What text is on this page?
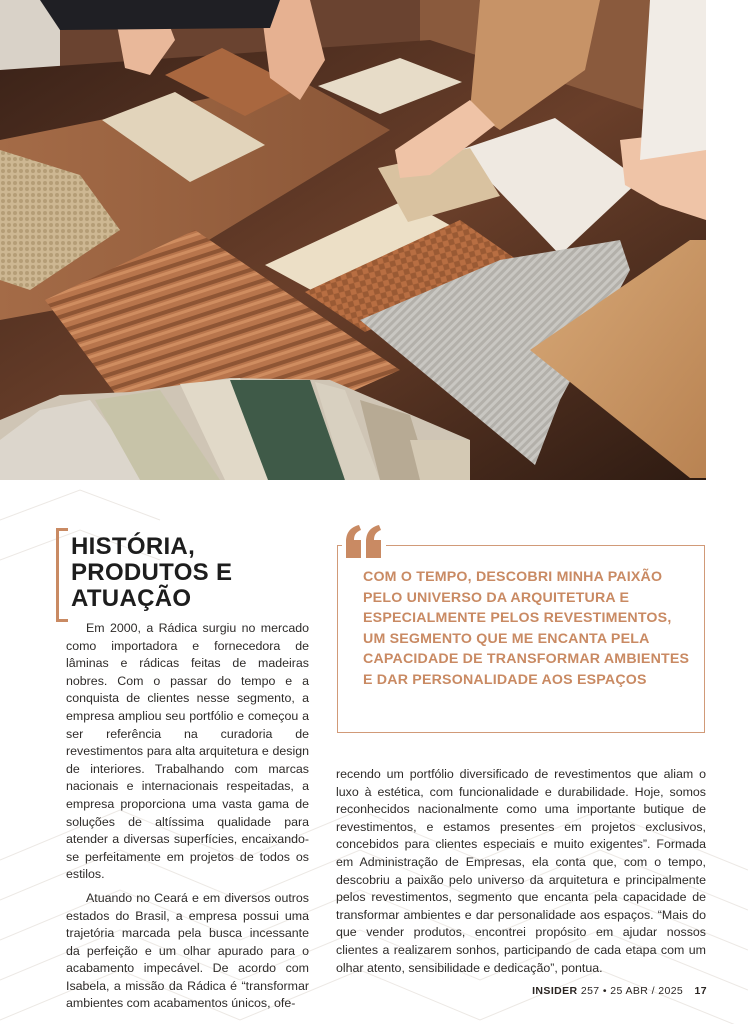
HISTÓRIA,
PRODUTOS E
ATUAÇÃO

Em 2000, a Rádica surgiu no mercado como importadora e fornecedora de lâminas e rádicas feitas de madeiras nobres. Com o passar do tempo e a conquista de clientes nesse segmento, a empresa ampliou seu portfólio e começou a ser referência na curadoria de revestimentos para alta arquitetura e design de interiores. Trabalhando com marcas nacionais e internacionais respeitadas, a empresa proporciona uma vasta gama de soluções de altíssima qualidade para atender a diversas superfícies, encaixando-se perfeitamente em projetos de todos os estilos.

Atuando no Ceará e em diversos outros estados do Brasil, a empresa possui uma trajetória marcada pela busca incessante da perfeição e um olhar apurado para o acabamento impecável. De acordo com Isabela, a missão da Rádica é “transformar ambientes com acabamentos únicos, ofe-

COM O TEMPO, DESCOBRI MINHA PAIXÃO PELO UNIVERSO DA ARQUITETURA E ESPECIALMENTE PELOS REVESTIMENTOS, UM SEGMENTO QUE ME ENCANTA PELA CAPACIDADE DE TRANSFORMAR AMBIENTES E DAR PERSONALIDADE AOS ESPAÇOS

recendo um portfólio diversificado de revestimentos que aliam o luxo à estética, com funcionalidade e durabilidade. Hoje, somos reconhecidos nacionalmente como uma importante butique de revestimentos, e estamos presentes em projetos exclusivos, concebidos para clientes especiais e muito exigentes”. Formada em Administração de Empresas, ela conta que, com o tempo, descobriu a paixão pelo universo da arquitetura e principalmente pelos revestimentos, segmento que encanta pela capacidade de transformar ambientes e dar personalidade aos espaços. “Mais do que vender produtos, encontrei propósito em ajudar nossos clientes a realizarem sonhos, participando de cada etapa com um olhar atento, sensibilidade e dedicação”, pontua.

INSIDER 257 • 25 ABR / 2025 17
